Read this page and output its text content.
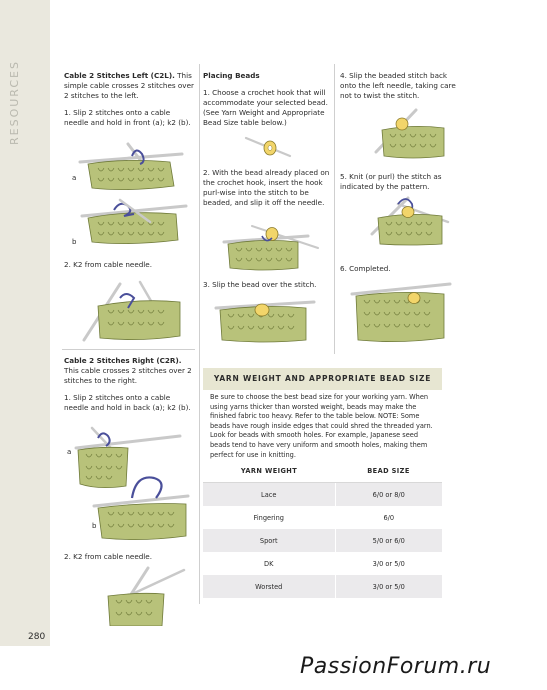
RESOURCES
280
Cable 2 Stitches Left (C2L). This simple cable crosses 2 stitches over 2 stitches to the left.
1. Slip 2 stitches onto a cable needle and hold in front (a); k2 (b).
a
b
2. K2 from cable needle.
Cable 2 Stitches Right (C2R). This cable crosses 2 stitches over 2 stitches to the right.
1. Slip 2 stitches onto a cable needle and hold in back (a); k2 (b).
a
b
2. K2 from cable needle.
Placing Beads
1. Choose a crochet hook that will accommodate your selected bead. (See Yarn Weight and Appropriate Bead Size table below.)
2. With the bead already placed on the crochet hook, insert the hook purl-wise into the stitch to be beaded, and slip it off the needle.
3. Slip the bead over the stitch.
4. Slip the beaded stitch back onto the left needle, taking care not to twist the stitch.
5. Knit (or purl) the stitch as indicated by the pattern.
6. Completed.
YARN WEIGHT AND APPROPRIATE BEAD SIZE
Be sure to choose the best bead size for your working yarn. When using yarns thicker than worsted weight, beads may make the finished fabric too heavy. Refer to the table below. NOTE: Some beads have rough inside edges that could shred the threaded yarn. Look for beads with smooth holes. For example, Japanese seed beads tend to have very uniform and smooth holes, making them perfect for use in knitting.
YARN WEIGHT	BEAD SIZE
Lace	6/0 or 8/0
Fingering	6/0
Sport	5/0 or 6/0
DK	3/0 or 5/0
Worsted	3/0 or 5/0
PassionForum.ru
